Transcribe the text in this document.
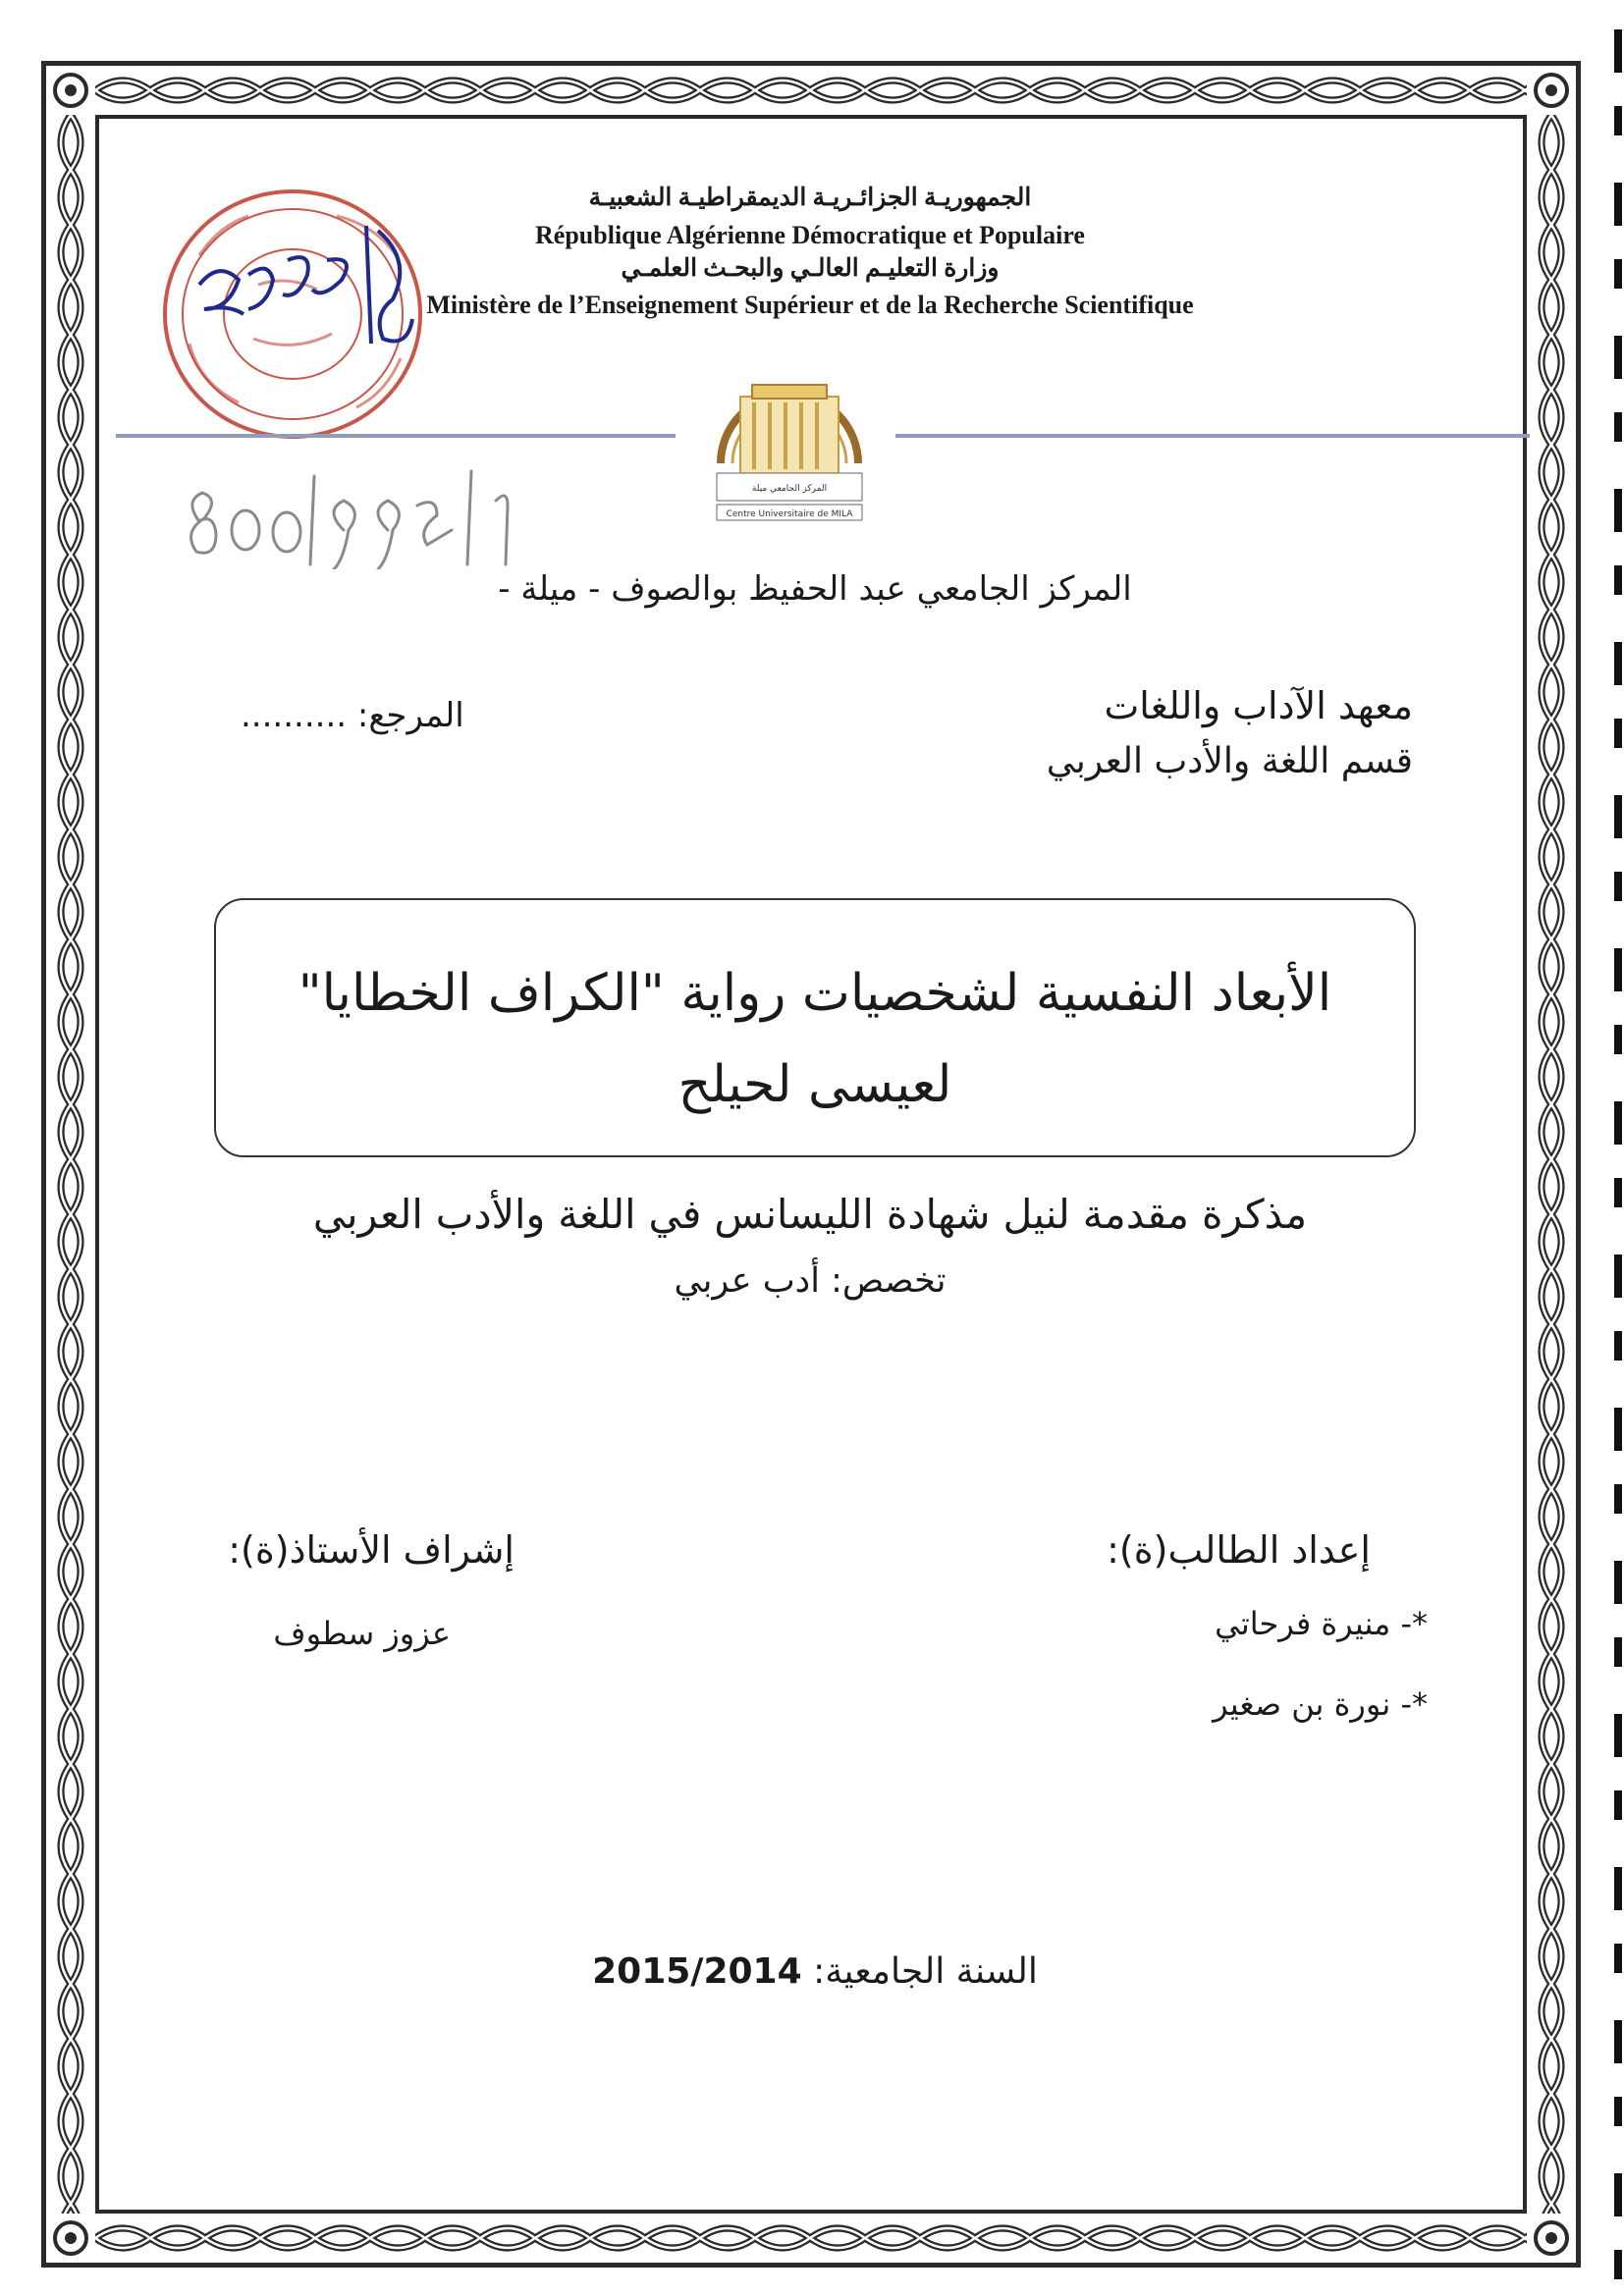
الجمهوريـة الجزائـريـة الديمقراطيـة الشعبيـة
République Algérienne Démocratique et Populaire
وزارة التعليـم العالـي والبحـث العلمـي
Ministère de l’Enseignement Supérieur et de la Recherche Scientifique
المركز الجامعي ميلة
Centre Universitaire de MILA
المركز الجامعي عبد الحفيظ بوالصوف - ميلة -
معهد الآداب واللغات
قسم اللغة والأدب العربي
المرجع: ..........
الأبعاد النفسية لشخصيات رواية "الكراف الخطايا"
لعيسى لحيلح
مذكرة مقدمة لنيل شهادة الليسانس في اللغة والأدب العربي
تخصص: أدب عربي
إعداد الطالب(ة):
إشراف الأستاذ(ة):
*- منيرة فرحاتي
*- نورة بن صغير
عزوز سطوف
السنة الجامعية: 2015/2014
